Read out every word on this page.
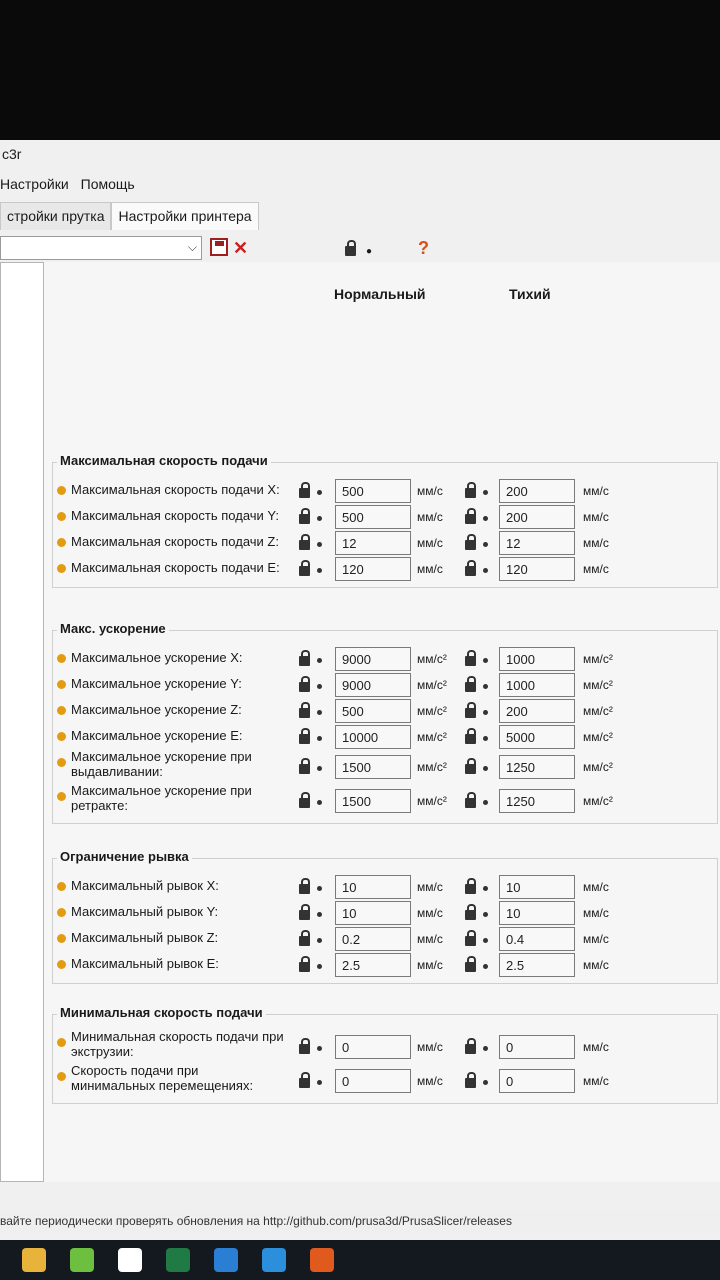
c3r
Настройки Помощь
стройки прутка	Настройки принтера
⌵ ✕	●	?
Нормальный	Тихий
Максимальная скорость подачи
Максимальная скорость подачи X:
500	мм/с
200	мм/с
Максимальная скорость подачи Y:
500	мм/с
200	мм/с
Максимальная скорость подачи Z:
12	мм/с
12	мм/с
Максимальная скорость подачи E:
120	мм/с
120	мм/с
Макс. ускорение
Максимальное ускорение X:
9000	мм/с²
1000	мм/с²
Максимальное ускорение Y:
9000	мм/с²
1000	мм/с²
Максимальное ускорение Z:
500	мм/с²
200	мм/с²
Максимальное ускорение E:
10000	мм/с²
5000	мм/с²
Максимальное ускорение при выдавливании:
1500	мм/с²
1250	мм/с²
Максимальное ускорение при ретракте:
1500	мм/с²
1250	мм/с²
Ограничение рывка
Максимальный рывок X:
10	мм/с
10	мм/с
Максимальный рывок Y:
10	мм/с
10	мм/с
Максимальный рывок Z:
0.2	мм/с
0.4	мм/с
Максимальный рывок E:
2.5	мм/с
2.5	мм/с
Минимальная скорость подачи
Минимальная скорость подачи при экструзии:
0	мм/с
0	мм/с
Скорость подачи при минимальных перемещениях:
0	мм/с
0	мм/с
вайте периодически проверять обновления на http://github.com/prusa3d/PrusaSlicer/releases
